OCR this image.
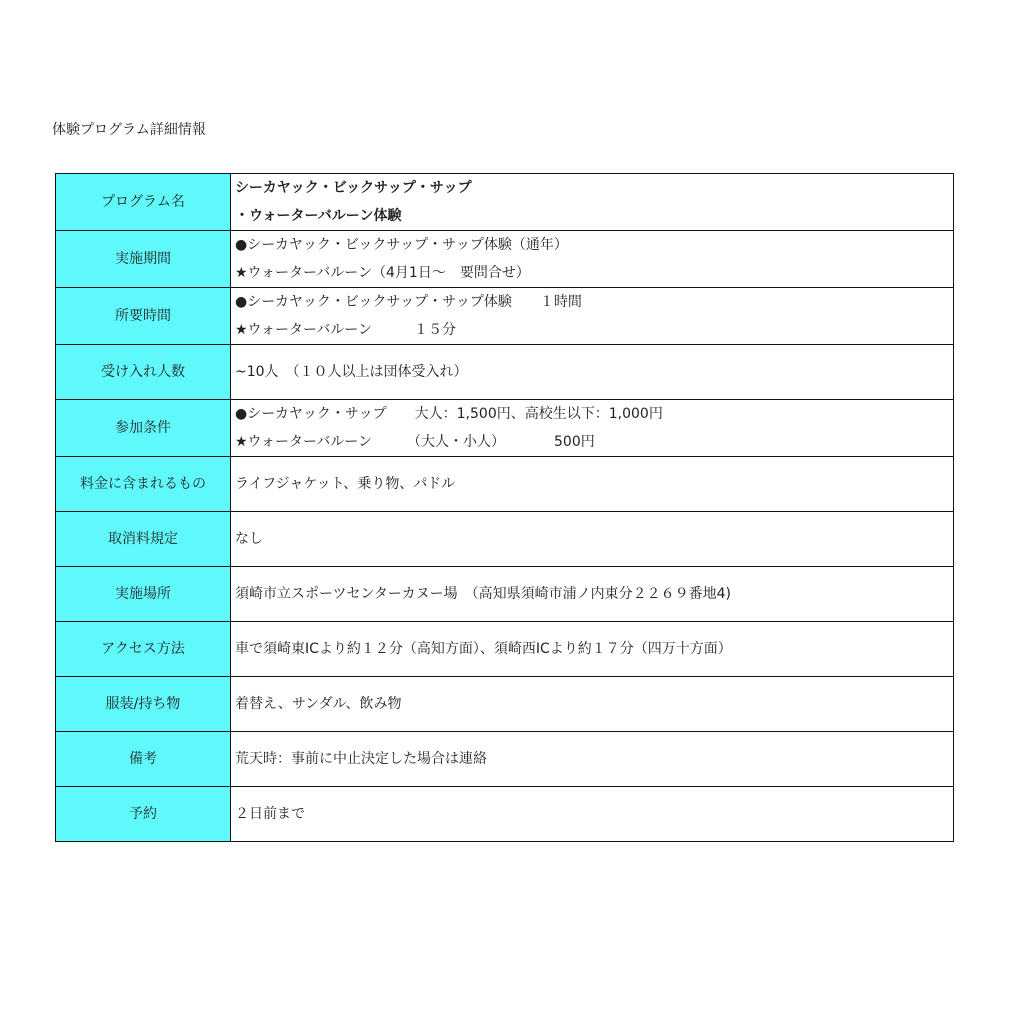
体験プログラム詳細情報
プログラム名	シーカヤック・ビックサップ・サップ
・ウォーターバルーン体験

実施期間	●シーカヤック・ビックサップ・サップ体験（通年）
★ウォーターバルーン（4月1日～　要問合せ）

所要時間	●シーカヤック・ビックサップ・サップ体験　　１時間
★ウォーターバルーン　　　１５分

受け入れ人数	~10人　（１０人以上は団体受入れ）

参加条件	●シーカヤック・サップ　　大人：1,500円、高校生以下：1,000円
★ウォーターバルーン　　　（大人・小人）　　　　500円

料金に含まれるもの	ライフジャケット、乗り物、パドル

取消料規定	なし

実施場所	須崎市立スポーツセンターカヌー場　（高知県須崎市浦ノ内東分２２６９番地4)

アクセス方法	車で須崎東ICより約１２分（高知方面）、須崎西ICより約１７分（四万十方面）

服装/持ち物	着替え、サンダル、飲み物

備考	荒天時：事前に中止決定した場合は連絡

予約	２日前まで
